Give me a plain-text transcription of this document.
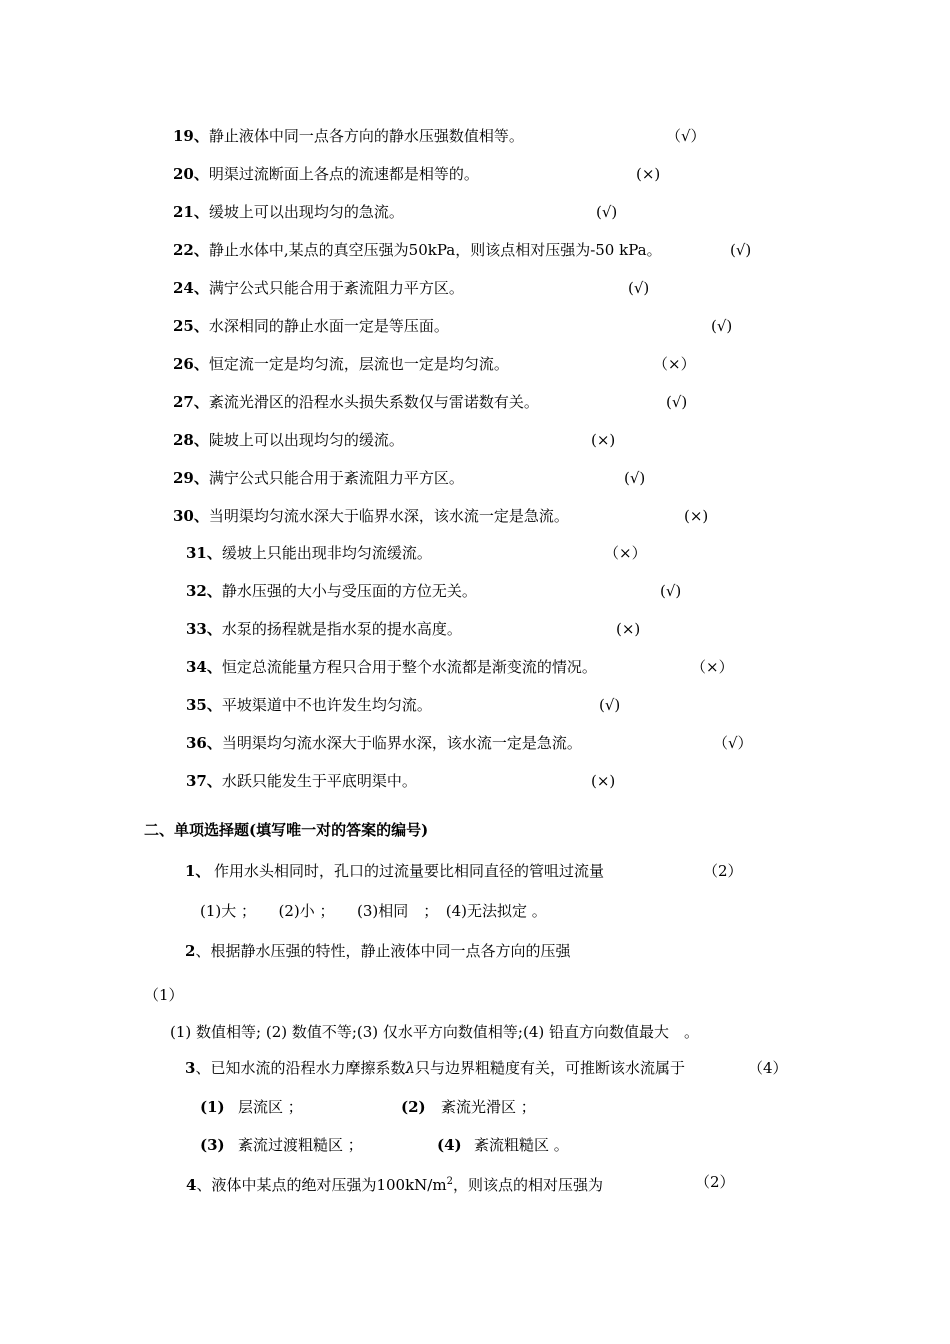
19、静止液体中同一点各方向的静水压强数值相等。	（√）
20、明渠过流断面上各点的流速都是相等的。	(×)
21、缓坡上可以出现均匀的急流。	(√)
22、静止水体中,某点的真空压强为50kPa，则该点相对压强为-50 kPa。	(√)
24、满宁公式只能合用于紊流阻力平方区。	(√)
25、水深相同的静止水面一定是等压面。	(√)
26、恒定流一定是均匀流，层流也一定是均匀流。	（×）
27、紊流光滑区的沿程水头损失系数仅与雷诺数有关。	(√)
28、陡坡上可以出现均匀的缓流。	(×)
29、满宁公式只能合用于紊流阻力平方区。	(√)
30、当明渠均匀流水深大于临界水深，该水流一定是急流。	(×)
31、缓坡上只能出现非均匀流缓流。	（×）
32、静水压强的大小与受压面的方位无关。	(√)
33、水泵的扬程就是指水泵的提水高度。	(×)
34、恒定总流能量方程只合用于整个水流都是渐变流的情况。	（×）
35、平坡渠道中不也许发生均匀流。	(√)
36、当明渠均匀流水深大于临界水深，该水流一定是急流。	（√）
37、水跃只能发生于平底明渠中。	(×)
二、单项选择题(填写唯一对的答案的编号)
1、 作用水头相同时，孔口的过流量要比相同直径的管咀过流量	（2）
(1)大 ；　　(2)小 ；　　(3)相同　；　(4)无法拟定 。
2、根据静水压强的特性，静止液体中同一点各方向的压强
（1）
(1) 数值相等; (2) 数值不等;(3) 仅水平方向数值相等;(4) 铅直方向数值最大　。
3、已知水流的沿程水力摩擦系数λ只与边界粗糙度有关，可推断该水流属于	（4）
(1) 层流区 ；	(2) 紊流光滑区 ；
(3) 紊流过渡粗糙区 ；	(4) 紊流粗糙区 。
4、液体中某点的绝对压强为$100kN/m^2$，则该点的相对压强为	（2）
